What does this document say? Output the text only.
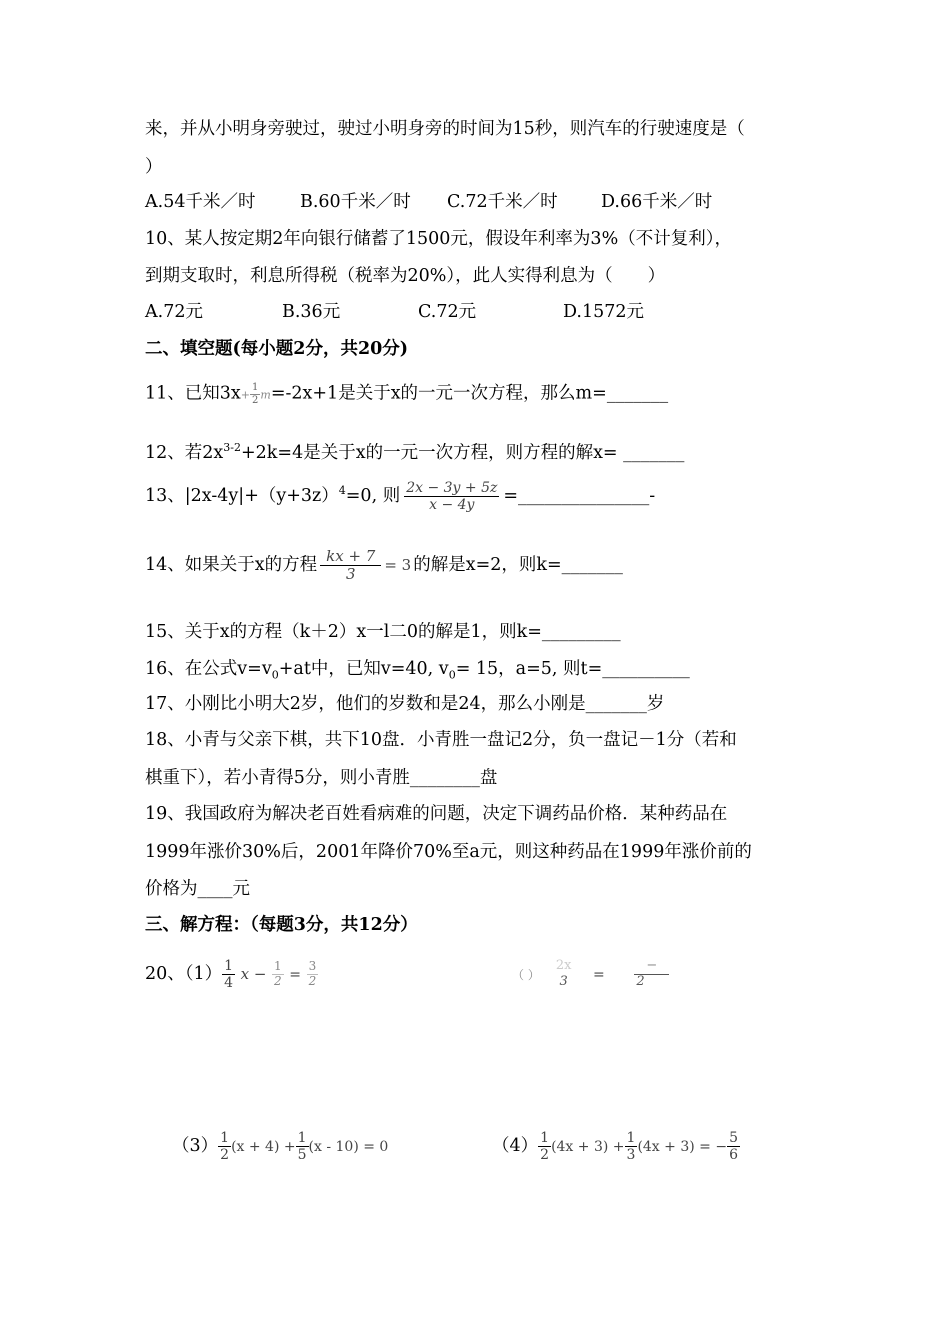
来，并从小明身旁驶过，驶过小明身旁的时间为15秒，则汽车的行驶速度是（
）
A.54千米／时	B.60千米／时 C.72千米／时 D.66千米／时
10、某人按定期2年向银行储蓄了1500元，假设年利率为3%（不计复利），
到期支取时，利息所得税（税率为20%），此人实得利息为（　　）
A.72元	B.36元	C.72元	D.1572元
二、填空题(每小题2分，共20分)
11、已知$3x+ \frac{1}{2} m=-2x+1$是关于x的一元一次方程，那么m=_______
12、若$2x^{3-2}+2k=4$是关于x的一元一次方程，则方程的解x= _______
13、$|2x-4y|+(y+3z)^4=0$, 则 $\frac{2x - 3y + 5z}{x - 4y}$ =_______________-
14、如果关于x的方程 $\frac{kx + 7}{3} = 3$ 的解是x=2，则k=_______
15、关于x的方程（k＋2）x一l二0的解是1，则k=_________
16、在公式$v=v_0+at$中，已知v=40, $v_0= 15$，a=5, 则t=__________
17、小刚比小明大2岁，他们的岁数和是24，那么小刚是_______岁
18、小青与父亲下棋，共下10盘．小青胜一盘记2分，负一盘记－1分（若和
棋重下），若小青得5分，则小青胜________盘
19、我国政府为解决老百姓看病难的问题，决定下调药品价格．某种药品在
1999年涨价30%后，2001年降价70%至a元，则这种药品在1999年涨价前的
价格为____元
三、解方程：（每题3分，共12分）
20、$(1) \frac{1}{4}$ $x - \frac{1}{2} = \frac{3}{2}$	（ ）
2x
3	= $\frac{-}{2}$
$(3) \frac{1}{2} (x + 4) + \frac{1}{5} (x - 10) = 0$	$(4) \frac{1}{2} (4x + 3) + \frac{1}{3} (4x + 3)$ = − $\frac{5}{6}$
